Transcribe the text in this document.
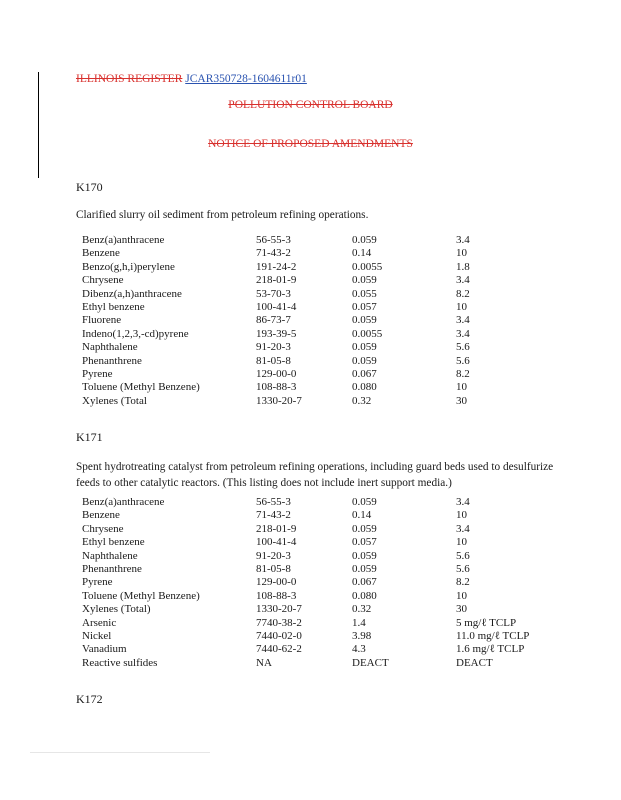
ILLINOIS REGISTER JCAR350728-1604611r01
POLLUTION CONTROL BOARD
NOTICE OF PROPOSED AMENDMENTS
K170
Clarified slurry oil sediment from petroleum refining operations.
Benz(a)anthracene	56-55-3	0.059	3.4
Benzene	71-43-2	0.14	10
Benzo(g,h,i)perylene	191-24-2	0.0055	1.8
Chrysene	218-01-9	0.059	3.4
Dibenz(a,h)anthracene	53-70-3	0.055	8.2
Ethyl benzene	100-41-4	0.057	10
Fluorene	86-73-7	0.059	3.4
Indeno(1,2,3,-cd)pyrene	193-39-5	0.0055	3.4
Naphthalene	91-20-3	0.059	5.6
Phenanthrene	81-05-8	0.059	5.6
Pyrene	129-00-0	0.067	8.2
Toluene (Methyl Benzene)	108-88-3	0.080	10
Xylenes (Total	1330-20-7	0.32	30
K171
Spent hydrotreating catalyst from petroleum refining operations, including guard beds used to desulfurize feeds to other catalytic reactors. (This listing does not include inert support media.)
Benz(a)anthracene	56-55-3	0.059	3.4
Benzene	71-43-2	0.14	10
Chrysene	218-01-9	0.059	3.4
Ethyl benzene	100-41-4	0.057	10
Naphthalene	91-20-3	0.059	5.6
Phenanthrene	81-05-8	0.059	5.6
Pyrene	129-00-0	0.067	8.2
Toluene (Methyl Benzene)	108-88-3	0.080	10
Xylenes (Total)	1330-20-7	0.32	30
Arsenic	7740-38-2	1.4	5 mg/ℓ TCLP
Nickel	7440-02-0	3.98	11.0 mg/ℓ TCLP
Vanadium	7440-62-2	4.3	1.6 mg/ℓ TCLP
Reactive sulfides	NA	DEACT	DEACT
K172
